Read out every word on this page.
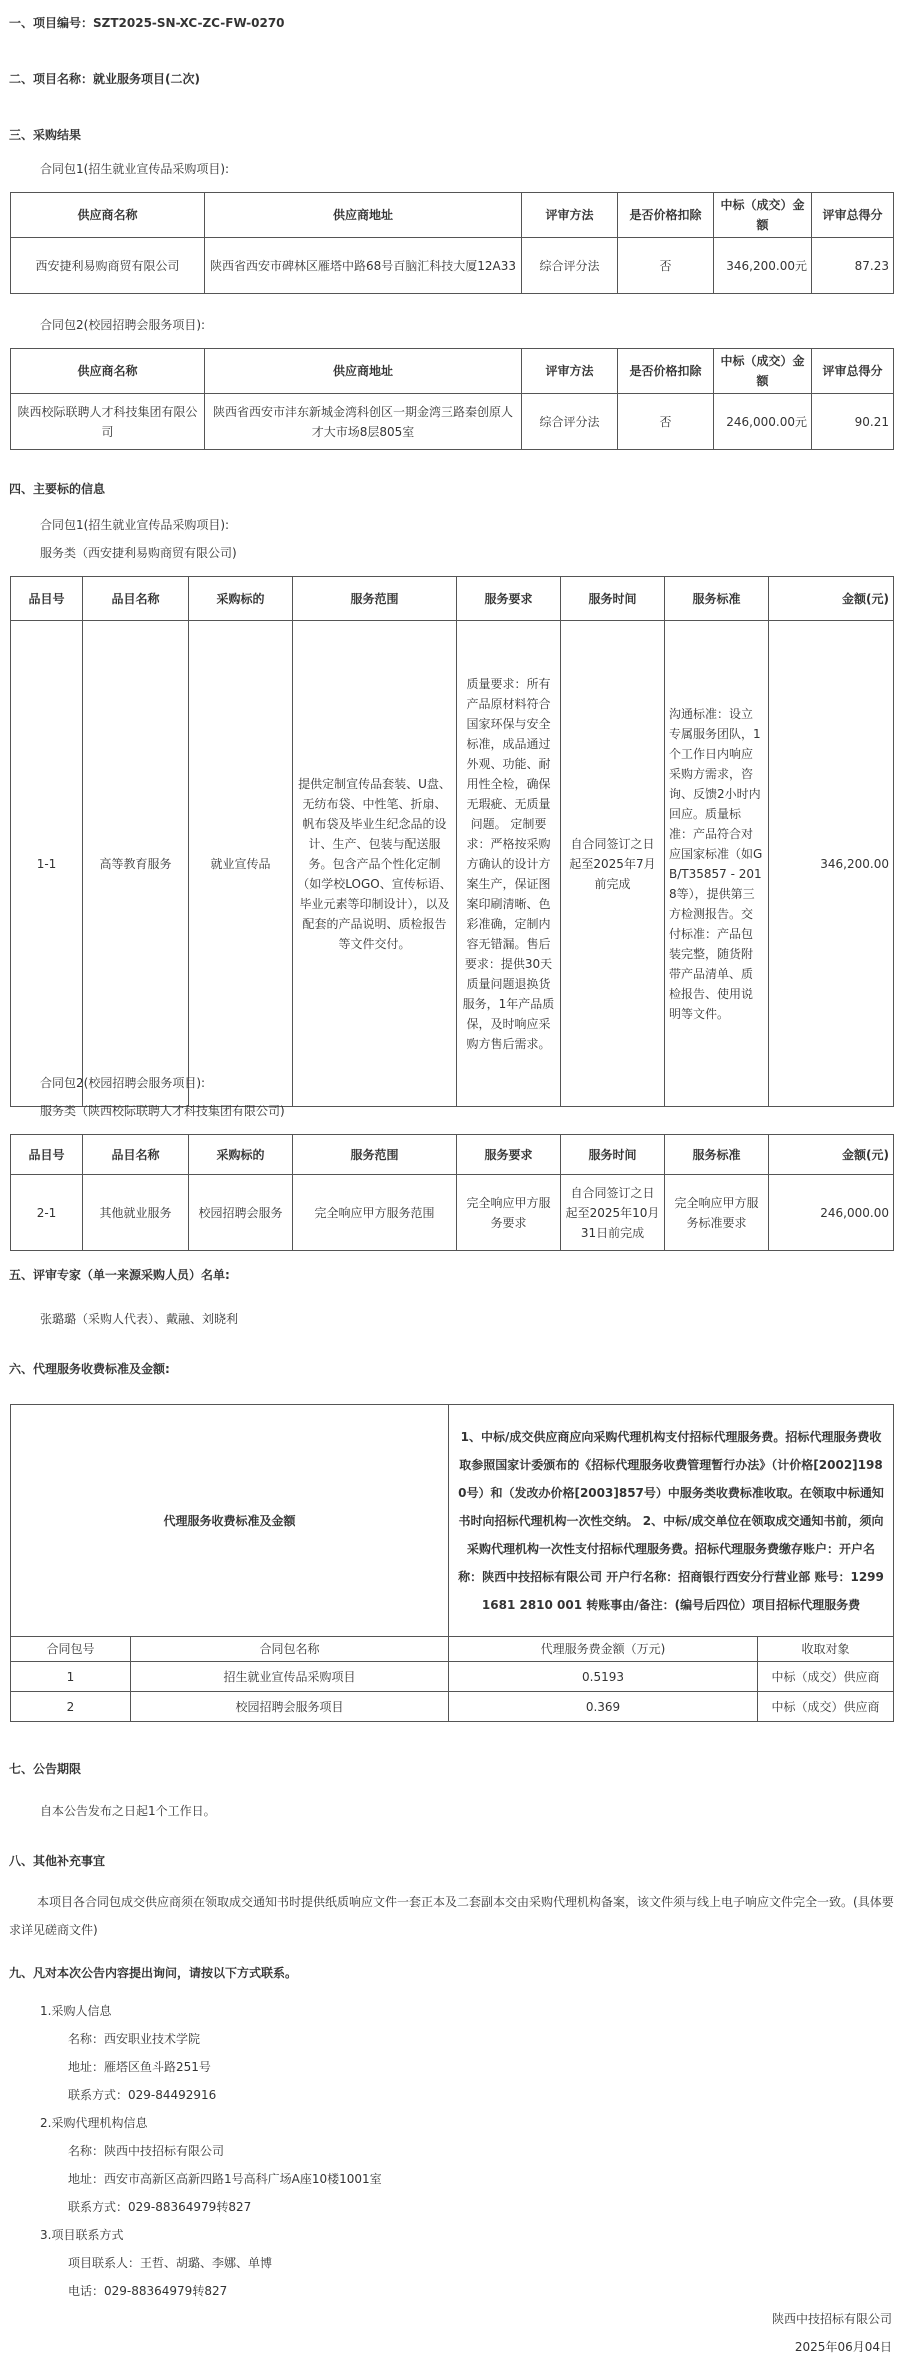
一、项目编号：SZT2025-SN-XC-ZC-FW-0270
二、项目名称：就业服务项目(二次)
三、采购结果
合同包1(招生就业宣传品采购项目):
供应商名称	供应商地址	评审方法	是否价格扣除	中标（成交）金额	评审总得分
西安捷利易购商贸有限公司	陕西省西安市碑林区雁塔中路68号百脑汇科技大厦12A33	综合评分法	否	346,200.00元	87.23
合同包2(校园招聘会服务项目):
供应商名称	供应商地址	评审方法	是否价格扣除	中标（成交）金额	评审总得分
陕西校际联聘人才科技集团有限公司	陕西省西安市沣东新城金湾科创区一期金湾三路秦创原人才大市场8层805室	综合评分法	否	246,000.00元	90.21
四、主要标的信息
合同包1(招生就业宣传品采购项目):
服务类（西安捷利易购商贸有限公司)
品目号	品目名称	采购标的	服务范围	服务要求	服务时间	服务标准	金额(元)
1-1	高等教育服务	就业宣传品	提供定制宣传品套装、U盘、无纺布袋、中性笔、折扇、帆布袋及毕业生纪念品的设计、生产、包装与配送服务。包含产品个性化定制（如学校LOGO、宣传标语、毕业元素等印制设计），以及配套的产品说明、质检报告等文件交付。	质量要求：所有产品原材料符合国家环保与安全标准，成品通过外观、功能、耐用性全检，确保无瑕疵、无质量问题。 定制要求：严格按采购方确认的设计方案生产，保证图案印刷清晰、色彩准确，定制内容无错漏。售后要求：提供30天质量问题退换货服务，1年产品质保，及时响应采购方售后需求。	自合同签订之日起至2025年7月前完成	沟通标准：设立专属服务团队，1 个工作日内响应采购方需求，咨询、反馈2小时内回应。质量标准：产品符合对应国家标准（如GB/T35857 - 2018等），提供第三方检测报告。交付标准：产品包装完整，随货附带产品清单、质检报告、使用说明等文件。	346,200.00
合同包2(校园招聘会服务项目):
服务类（陕西校际联聘人才科技集团有限公司)
品目号	品目名称	采购标的	服务范围	服务要求	服务时间	服务标准	金额(元)
2-1	其他就业服务	校园招聘会服务	完全响应甲方服务范围	完全响应甲方服务要求	自合同签订之日起至2025年10月31日前完成	完全响应甲方服务标准要求	246,000.00
五、评审专家（单一来源采购人员）名单:
张璐璐（采购人代表）、戴融、刘晓利
六、代理服务收费标准及金额:
代理服务收费标准及金额		1、中标/成交供应商应向采购代理机构支付招标代理服务费。招标代理服务费收取参照国家计委颁布的《招标代理服务收费管理暂行办法》（计价格[2002]1980号）和（发改办价格[2003]857号）中服务类收费标准收取。在领取中标通知书时向招标代理机构一次性交纳。 2、中标/成交单位在领取成交通知书前，须向采购代理机构一次性支付招标代理服务费。招标代理服务费缴存账户：开户名称：陕西中技招标有限公司 开户行名称：招商银行西安分行营业部 账号：1299 1681 2810 001 转账事由/备注：(编号后四位）项目招标代理服务费	
合同包号	合同包名称	代理服务费金额（万元)	收取对象
1	招生就业宣传品采购项目	0.5193	中标（成交）供应商
2	校园招聘会服务项目	0.369	中标（成交）供应商
七、公告期限
自本公告发布之日起1个工作日。
八、其他补充事宜
本项目各合同包成交供应商须在领取成交通知书时提供纸质响应文件一套正本及二套副本交由采购代理机构备案，该文件须与线上电子响应文件完全一致。(具体要求详见磋商文件)
九、凡对本次公告内容提出询问，请按以下方式联系。
1.采购人信息
名称：西安职业技术学院
地址：雁塔区鱼斗路251号
联系方式：029-84492916
2.采购代理机构信息
名称：陕西中技招标有限公司
地址：西安市高新区高新四路1号高科广场A座10楼1001室
联系方式：029-88364979转827
3.项目联系方式
项目联系人：王哲、胡璐、李娜、单博
电话：029-88364979转827
陕西中技招标有限公司
2025年06月04日
